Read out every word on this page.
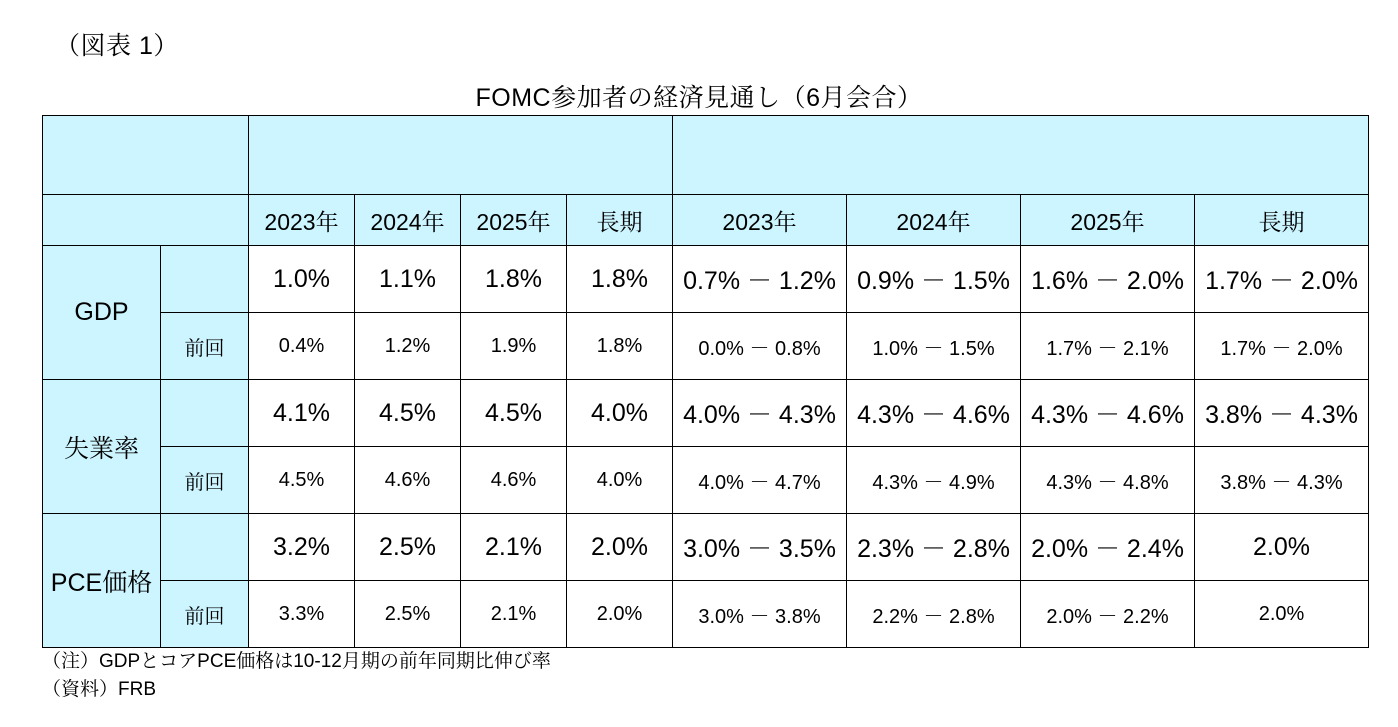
（図表 1）
FOMC参加者の経済見通し（6月会合）

		2023年	2024年	2025年	長期	2023年	2024年	2025年	長期
GDP		1.0%	1.1%	1.8%	1.8%	0.7% － 1.2%	0.9% － 1.5%	1.6% － 2.0%	1.7% － 2.0%
	前回	0.4%	1.2%	1.9%	1.8%	0.0% － 0.8%	1.0% － 1.5%	1.7% － 2.1%	1.7% － 2.0%
失業率		4.1%	4.5%	4.5%	4.0%	4.0% － 4.3%	4.3% － 4.6%	4.3% － 4.6%	3.8% － 4.3%
	前回	4.5%	4.6%	4.6%	4.0%	4.0% － 4.7%	4.3% － 4.9%	4.3% － 4.8%	3.8% － 4.3%
PCE価格		3.2%	2.5%	2.1%	2.0%	3.0% － 3.5%	2.3% － 2.8%	2.0% － 2.4%	2.0%
	前回	3.3%	2.5%	2.1%	2.0%	3.0% － 3.8%	2.2% － 2.8%	2.0% － 2.2%	2.0%
（注）GDPとコアPCE価格は10-12月期の前年同期比伸び率
（資料）FRB
